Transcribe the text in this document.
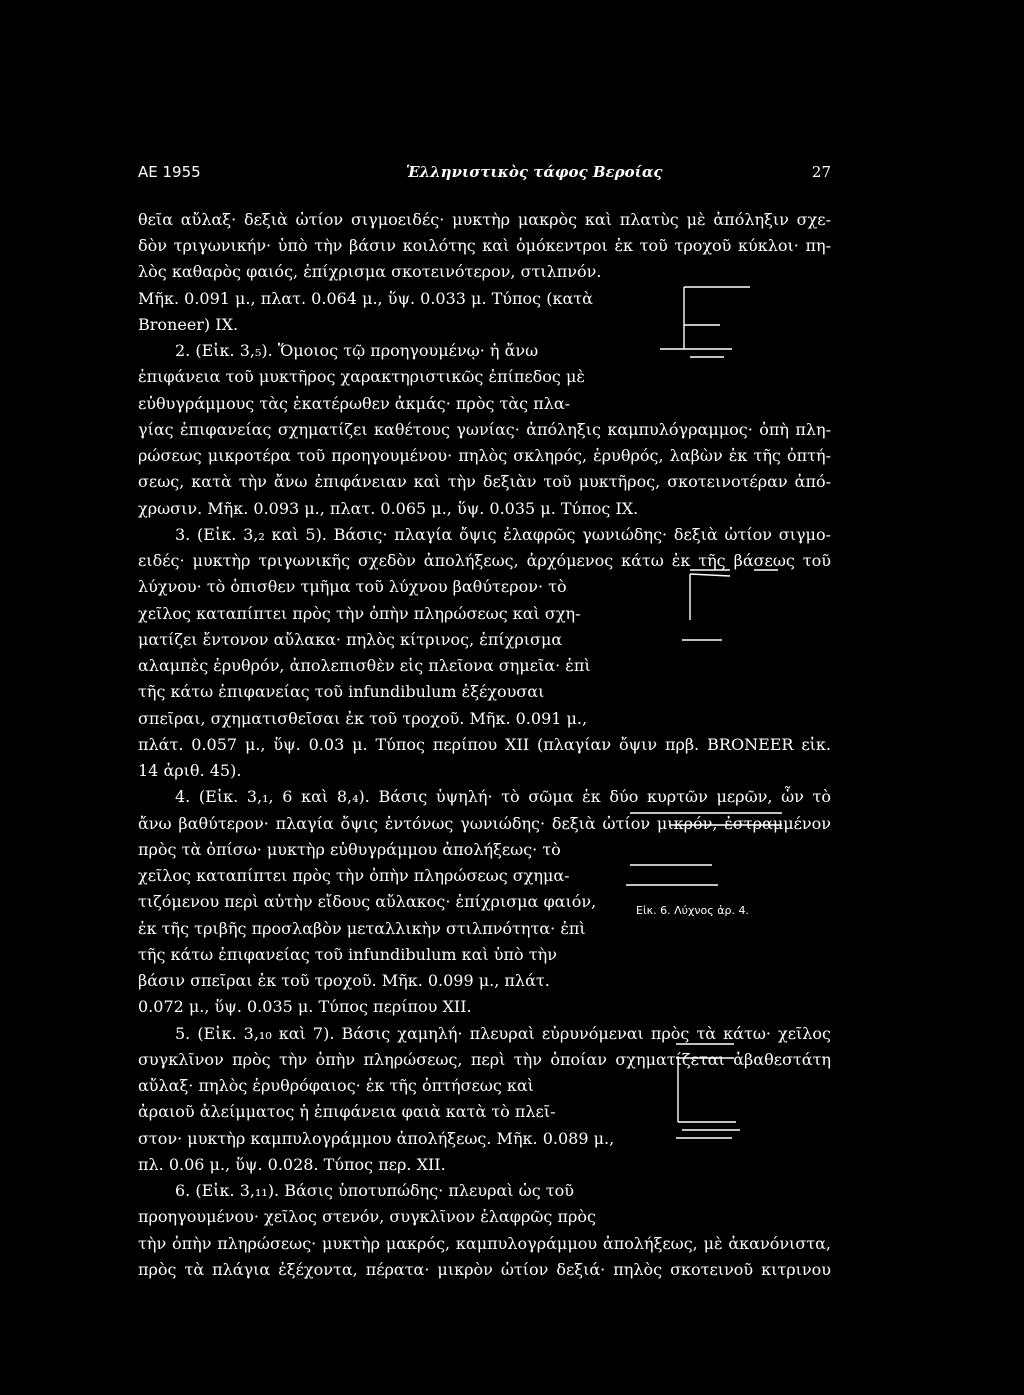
ΑΕ 1955	Ἑλληνιστικὸς τάφος Βεροίας	27
θεῖα αὔλαξ· δεξιὰ ὠτίον σιγμοειδές· μυκτὴρ μακρὸς καὶ πλατὺς μὲ ἀπόληξιν σχε-
δὸν τριγωνικήν· ὑπὸ τὴν βάσιν κοιλότης καὶ ὁμόκεντροι ἐκ τοῦ τροχοῦ κύκλοι· πη-
λὸς καθαρὸς φαιός, ἐπίχρισμα σκοτεινότερον, στιλπνόν.
Μῆκ. 0.091 μ., πλατ. 0.064 μ., ὕψ. 0.033 μ. Τύπος (κατὰ
Broneer) IX.
2. (Εἰκ. 3,₅). Ὅμοιος τῷ προηγουμένῳ· ἡ ἄνω
ἐπιφάνεια τοῦ μυκτῆρος χαρακτηριστικῶς ἐπίπεδος μὲ
εὐθυγράμμους τὰς ἑκατέρωθεν ἀκμάς· πρὸς τὰς πλα-
γίας ἐπιφανείας σχηματίζει καθέτους γωνίας· ἀπόληξις καμπυλόγραμμος· ὀπὴ πλη-
ρώσεως μικροτέρα τοῦ προηγουμένου· πηλὸς σκληρός, ἐρυθρός, λαβὼν ἐκ τῆς ὀπτή-
σεως, κατὰ τὴν ἄνω ἐπιφάνειαν καὶ τὴν δεξιὰν τοῦ μυκτῆρος, σκοτεινοτέραν ἀπό-
χρωσιν. Μῆκ. 0.093 μ., πλατ. 0.065 μ., ὕψ. 0.035 μ. Τύπος IX.
3. (Εἰκ. 3,₂ καὶ 5). Βάσις· πλαγία ὄψις ἐλαφρῶς γωνιώδης· δεξιὰ ὠτίον σιγμο-
ειδές· μυκτὴρ τριγωνικῆς σχεδὸν ἀπολήξεως, ἀρχόμενος κάτω ἐκ τῆς βάσεως τοῦ
λύχνου· τὸ ὀπισθεν τμῆμα τοῦ λύχνου βαθύτερον· τὸ
χεῖλος καταπίπτει πρὸς τὴν ὀπὴν πληρώσεως καὶ σχη-
ματίζει ἔντονον αὔλακα· πηλὸς κίτρινος, ἐπίχρισμα
αλαμπὲς ἐρυθρόν, ἀπολεπισθὲν εἰς πλεῖονα σημεῖα· ἐπὶ
τῆς κάτω ἐπιφανείας τοῦ infundibulum ἐξέχουσαι
σπεῖραι, σχηματισθεῖσαι ἐκ τοῦ τροχοῦ. Μῆκ. 0.091 μ.,
πλάτ. 0.057 μ., ὕψ. 0.03 μ. Τύπος περίπου XII (πλαγίαν ὄψιν πρβ. BRONEER εἰκ.
14 ἀριθ. 45).
4. (Εἰκ. 3,₁, 6 καὶ 8,₄). Βάσις ὑψηλή· τὸ σῶμα ἐκ δύο κυρτῶν μερῶν, ὧν τὸ
ἄνω βαθύτερον· πλαγία ὄψις ἐντόνως γωνιώδης· δεξιὰ ὠτίον μικρόν, ἐστραμμένον
πρὸς τὰ ὀπίσω· μυκτὴρ εὐθυγράμμου ἀπολήξεως· τὸ
χεῖλος καταπίπτει πρὸς τὴν ὀπὴν πληρώσεως σχημα-
τιζόμενου περὶ αὐτὴν εἴδους αὔλακος· ἐπίχρισμα φαιόν,
ἐκ τῆς τριβῆς προσλαβὸν μεταλλικὴν στιλπνότητα· ἐπὶ
τῆς κάτω ἐπιφανείας τοῦ infundibulum καὶ ὑπὸ τὴν
βάσιν σπεῖραι ἐκ τοῦ τροχοῦ. Μῆκ. 0.099 μ., πλάτ.
0.072 μ., ὕψ. 0.035 μ. Τύπος περίπου XII.
5. (Εἰκ. 3,₁₀ καὶ 7). Βάσις χαμηλή· πλευραὶ εὐρυνόμεναι πρὸς τὰ κάτω· χεῖλος
συγκλῖνον πρὸς τὴν ὀπὴν πληρώσεως, περὶ τὴν ὁποίαν σχηματίζεται ἀβαθεστάτη
αὔλαξ· πηλὸς ἐρυθρόφαιος· ἐκ τῆς ὀπτήσεως καὶ
ἀραιοῦ ἀλείμματος ἡ ἐπιφάνεια φαιὰ κατὰ τὸ πλεῖ-
στον· μυκτὴρ καμπυλογράμμου ἀπολήξεως. Μῆκ. 0.089 μ.,
πλ. 0.06 μ., ὕψ. 0.028. Τύπος περ. XII.
6. (Εἰκ. 3,₁₁). Βάσις ὑποτυπώδης· πλευραὶ ὡς τοῦ
προηγουμένου· χεῖλος στενόν, συγκλῖνον ἐλαφρῶς πρὸς
τὴν ὀπὴν πληρώσεως· μυκτὴρ μακρός, καμπυλογράμμου ἀπολήξεως, μὲ ἀκανόνιστα,
πρὸς τὰ πλάγια ἐξέχοντα, πέρατα· μικρὸν ὠτίον δεξιά· πηλὸς σκοτεινοῦ κιτρινου
Εἰκ. 6. Λύχνος ἀρ. 4.
